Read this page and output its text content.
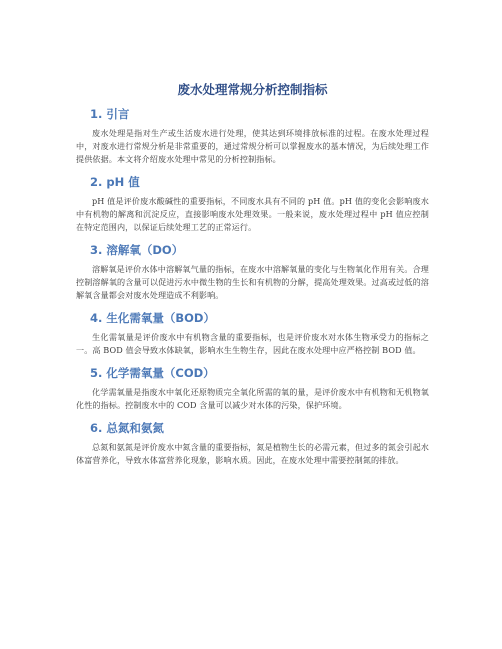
废水处理常规分析控制指标
1. 引言

废水处理是指对生产或生活废水进行处理，使其达到环境排放标准的过程。在废水处理过程中，对废水进行常规分析是非常重要的，通过常规分析可以掌握废水的基本情况，为后续处理工作提供依据。本文将介绍废水处理中常见的分析控制指标。

2. pH 值

pH 值是评价废水酸碱性的重要指标，不同废水具有不同的 pH 值。pH 值的变化会影响废水中有机物的解离和沉淀反应，直接影响废水处理效果。一般来说，废水处理过程中 pH 值应控制在特定范围内，以保证后续处理工艺的正常运行。

3. 溶解氧（DO）

溶解氧是评价水体中溶解氧气量的指标，在废水中溶解氧量的变化与生物氧化作用有关。合理控制溶解氧的含量可以促进污水中微生物的生长和有机物的分解，提高处理效果。过高或过低的溶解氧含量都会对废水处理造成不利影响。

4. 生化需氧量（BOD）

生化需氧量是评价废水中有机物含量的重要指标，也是评价废水对水体生物承受力的指标之一。高 BOD 值会导致水体缺氧，影响水生生物生存，因此在废水处理中应严格控制 BOD 值。

5. 化学需氧量（COD）

化学需氧量是指废水中氧化还原物质完全氧化所需的氧的量，是评价废水中有机物和无机物氧化性的指标。控制废水中的 COD 含量可以减少对水体的污染，保护环境。

6. 总氮和氨氮

总氮和氨氮是评价废水中氮含量的重要指标，氮是植物生长的必需元素，但过多的氮会引起水体富营养化，导致水体富营养化现象，影响水质。因此，在废水处理中需要控制氮的排放。
